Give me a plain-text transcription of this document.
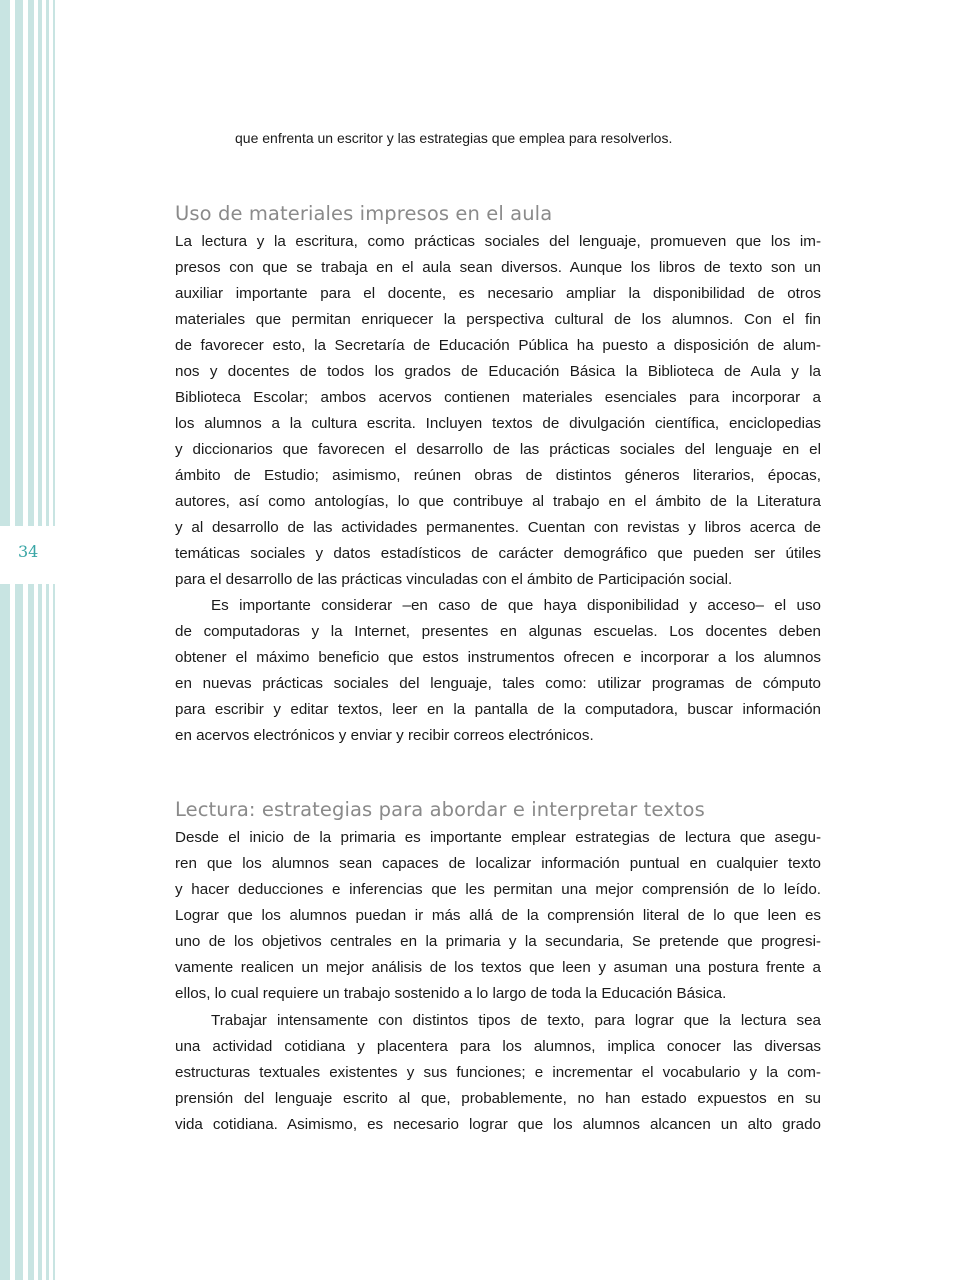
34
que enfrenta un escritor y las estrategias que emplea para resolverlos.
Uso de materiales impresos en el aula
La lectura y la escritura, como prácticas sociales del lenguaje, promueven que los im-
presos con que se trabaja en el aula sean diversos. Aunque los libros de texto son un
auxiliar importante para el docente, es necesario ampliar la disponibilidad de otros
materiales que permitan enriquecer la perspectiva cultural de los alumnos. Con el fin
de favorecer esto, la Secretaría de Educación Pública ha puesto a disposición de alum-
nos y docentes de todos los grados de Educación Básica la Biblioteca de Aula y la
Biblioteca Escolar; ambos acervos contienen materiales esenciales para incorporar a
los alumnos a la cultura escrita. Incluyen textos de divulgación científica, enciclopedias
y diccionarios que favorecen el desarrollo de las prácticas sociales del lenguaje en el
ámbito de Estudio; asimismo, reúnen obras de distintos géneros literarios, épocas,
autores, así como antologías, lo que contribuye al trabajo en el ámbito de la Literatura
y al desarrollo de las actividades permanentes. Cuentan con revistas y libros acerca de
temáticas sociales y datos estadísticos de carácter demográfico que pueden ser útiles
para el desarrollo de las prácticas vinculadas con el ámbito de Participación social.
Es importante considerar –en caso de que haya disponibilidad y acceso– el uso
de computadoras y la Internet, presentes en algunas escuelas. Los docentes deben
obtener el máximo beneficio que estos instrumentos ofrecen e incorporar a los alumnos
en nuevas prácticas sociales del lenguaje, tales como: utilizar programas de cómputo
para escribir y editar textos, leer en la pantalla de la computadora, buscar información
en acervos electrónicos y enviar y recibir correos electrónicos.
Lectura: estrategias para abordar e interpretar textos
Desde el inicio de la primaria es importante emplear estrategias de lectura que asegu-
ren que los alumnos sean capaces de localizar información puntual en cualquier texto
y hacer deducciones e inferencias que les permitan una mejor comprensión de lo leído.
Lograr que los alumnos puedan ir más allá de la comprensión literal de lo que leen es
uno de los objetivos centrales en la primaria y la secundaria, Se pretende que progresi-
vamente realicen un mejor análisis de los textos que leen y asuman una postura frente a
ellos, lo cual requiere un trabajo sostenido a lo largo de toda la Educación Básica.
Trabajar intensamente con distintos tipos de texto, para lograr que la lectura sea
una actividad cotidiana y placentera para los alumnos, implica conocer las diversas
estructuras textuales existentes y sus funciones; e incrementar el vocabulario y la com-
prensión del lenguaje escrito al que, probablemente, no han estado expuestos en su
vida cotidiana. Asimismo, es necesario lograr que los alumnos alcancen un alto grado
